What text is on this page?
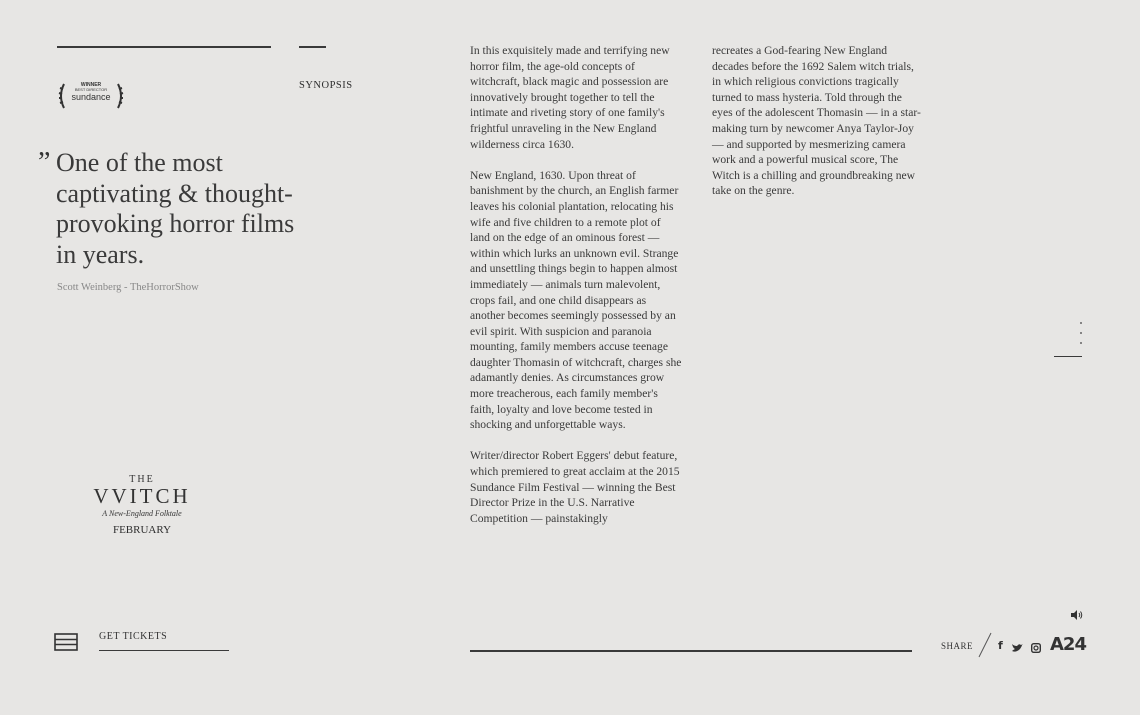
WINNER
BEST DIRECTOR
sundance
” One of the most captivating & thought-provoking horror films in years.
Scott Weinberg - TheHorrorShow
SYNOPSIS

In this exquisitely made and terrifying new horror film, the age-old concepts of witchcraft, black magic and possession are innovatively brought together to tell the intimate and riveting story of one family's frightful unraveling in the New England wilderness circa 1630.

New England, 1630. Upon threat of banishment by the church, an English farmer leaves his colonial plantation, relocating his wife and five children to a remote plot of land on the edge of an ominous forest — within which lurks an unknown evil. Strange and unsettling things begin to happen almost immediately — animals turn malevolent, crops fail, and one child disappears as another becomes seemingly possessed by an evil spirit. With suspicion and paranoia mounting, family members accuse teenage daughter Thomasin of witchcraft, charges she adamantly denies. As circumstances grow more treacherous, each family member's faith, loyalty and love become tested in shocking and unforgettable ways.

Writer/director Robert Eggers' debut feature, which premiered to great acclaim at the 2015 Sundance Film Festival — winning the Best Director Prize in the U.S. Narrative Competition — painstakingly

recreates a God-fearing New England decades before the 1692 Salem witch trials, in which religious convictions tragically turned to mass hysteria. Told through the eyes of the adolescent Thomasin — in a star-making turn by newcomer Anya Taylor-Joy — and supported by mesmerizing camera work and a powerful musical score, The Witch is a chilling and groundbreaking new take on the genre.

THE
VVITCH
A New-England Folktale
FEBRUARY
GET TICKETS
SHARE f	A24
